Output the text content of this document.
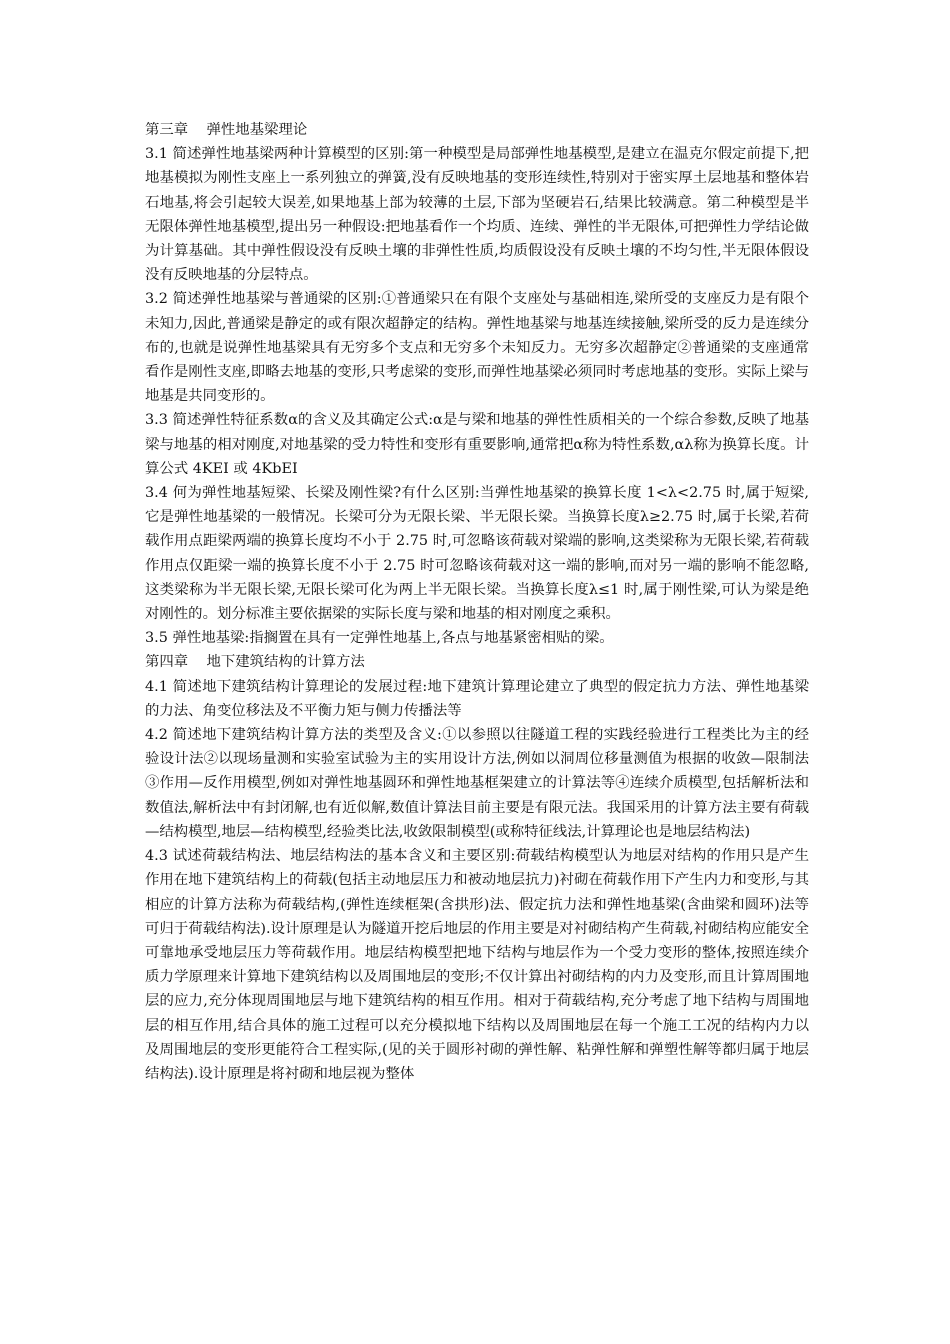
第三章    弹性地基梁理论

3.1 简述弹性地基梁两种计算模型的区别:第一种模型是局部弹性地基模型,是建立在温克尔假定前提下,把地基模拟为刚性支座上一系列独立的弹簧,没有反映地基的变形连续性,特别对于密实厚土层地基和整体岩石地基,将会引起较大误差,如果地基上部为较薄的土层,下部为坚硬岩石,结果比较满意。第二种模型是半无限体弹性地基模型,提出另一种假设:把地基看作一个均质、连续、弹性的半无限体,可把弹性力学结论做为计算基础。其中弹性假设没有反映土壤的非弹性性质,均质假设没有反映土壤的不均匀性,半无限体假设没有反映地基的分层特点。

3.2 简述弹性地基梁与普通梁的区别:①普通梁只在有限个支座处与基础相连,梁所受的支座反力是有限个未知力,因此,普通梁是静定的或有限次超静定的结构。弹性地基梁与地基连续接触,梁所受的反力是连续分布的,也就是说弹性地基梁具有无穷多个支点和无穷多个未知反力。无穷多次超静定②普通梁的支座通常看作是刚性支座,即略去地基的变形,只考虑梁的变形,而弹性地基梁必须同时考虑地基的变形。实际上梁与地基是共同变形的。

3.3 简述弹性特征系数α的含义及其确定公式:α是与梁和地基的弹性性质相关的一个综合参数,反映了地基梁与地基的相对刚度,对地基梁的受力特性和变形有重要影响,通常把α称为特性系数,αλ称为换算长度。计算公式 4KEI 或 4KbEI

3.4 何为弹性地基短梁、长梁及刚性梁?有什么区别:当弹性地基梁的换算长度 1<λ<2.75 时,属于短梁,它是弹性地基梁的一般情况。长梁可分为无限长梁、半无限长梁。当换算长度λ≥2.75 时,属于长梁,若荷载作用点距梁两端的换算长度均不小于 2.75 时,可忽略该荷载对梁端的影响,这类梁称为无限长梁,若荷载作用点仅距梁一端的换算长度不小于 2.75 时可忽略该荷载对这一端的影响,而对另一端的影响不能忽略,这类梁称为半无限长梁,无限长梁可化为两上半无限长梁。当换算长度λ≤1 时,属于刚性梁,可认为梁是绝对刚性的。划分标准主要依据梁的实际长度与梁和地基的相对刚度之乘积。

3.5 弹性地基梁:指搁置在具有一定弹性地基上,各点与地基紧密相贴的梁。

第四章    地下建筑结构的计算方法

4.1 简述地下建筑结构计算理论的发展过程:地下建筑计算理论建立了典型的假定抗力方法、弹性地基梁的力法、角变位移法及不平衡力矩与侧力传播法等

4.2 简述地下建筑结构计算方法的类型及含义:①以参照以往隧道工程的实践经验进行工程类比为主的经验设计法②以现场量测和实验室试验为主的实用设计方法,例如以洞周位移量测值为根据的收敛—限制法③作用—反作用模型,例如对弹性地基圆环和弹性地基框架建立的计算法等④连续介质模型,包括解析法和数值法,解析法中有封闭解,也有近似解,数值计算法目前主要是有限元法。我国采用的计算方法主要有荷载—结构模型,地层—结构模型,经验类比法,收敛限制模型(或称特征线法,计算理论也是地层结构法)

4.3 试述荷载结构法、地层结构法的基本含义和主要区别:荷载结构模型认为地层对结构的作用只是产生作用在地下建筑结构上的荷载(包括主动地层压力和被动地层抗力)衬砌在荷载作用下产生内力和变形,与其相应的计算方法称为荷载结构,(弹性连续框架(含拱形)法、假定抗力法和弹性地基梁(含曲梁和圆环)法等可归于荷载结构法).设计原理是认为隧道开挖后地层的作用主要是对衬砌结构产生荷载,衬砌结构应能安全可靠地承受地层压力等荷载作用。地层结构模型把地下结构与地层作为一个受力变形的整体,按照连续介质力学原理来计算地下建筑结构以及周围地层的变形;不仅计算出衬砌结构的内力及变形,而且计算周围地层的应力,充分体现周围地层与地下建筑结构的相互作用。相对于荷载结构,充分考虑了地下结构与周围地层的相互作用,结合具体的施工过程可以充分模拟地下结构以及周围地层在每一个施工工况的结构内力以及周围地层的变形更能符合工程实际,(见的关于圆形衬砌的弹性解、粘弹性解和弹塑性解等都归属于地层结构法).设计原理是将衬砌和地层视为整体
